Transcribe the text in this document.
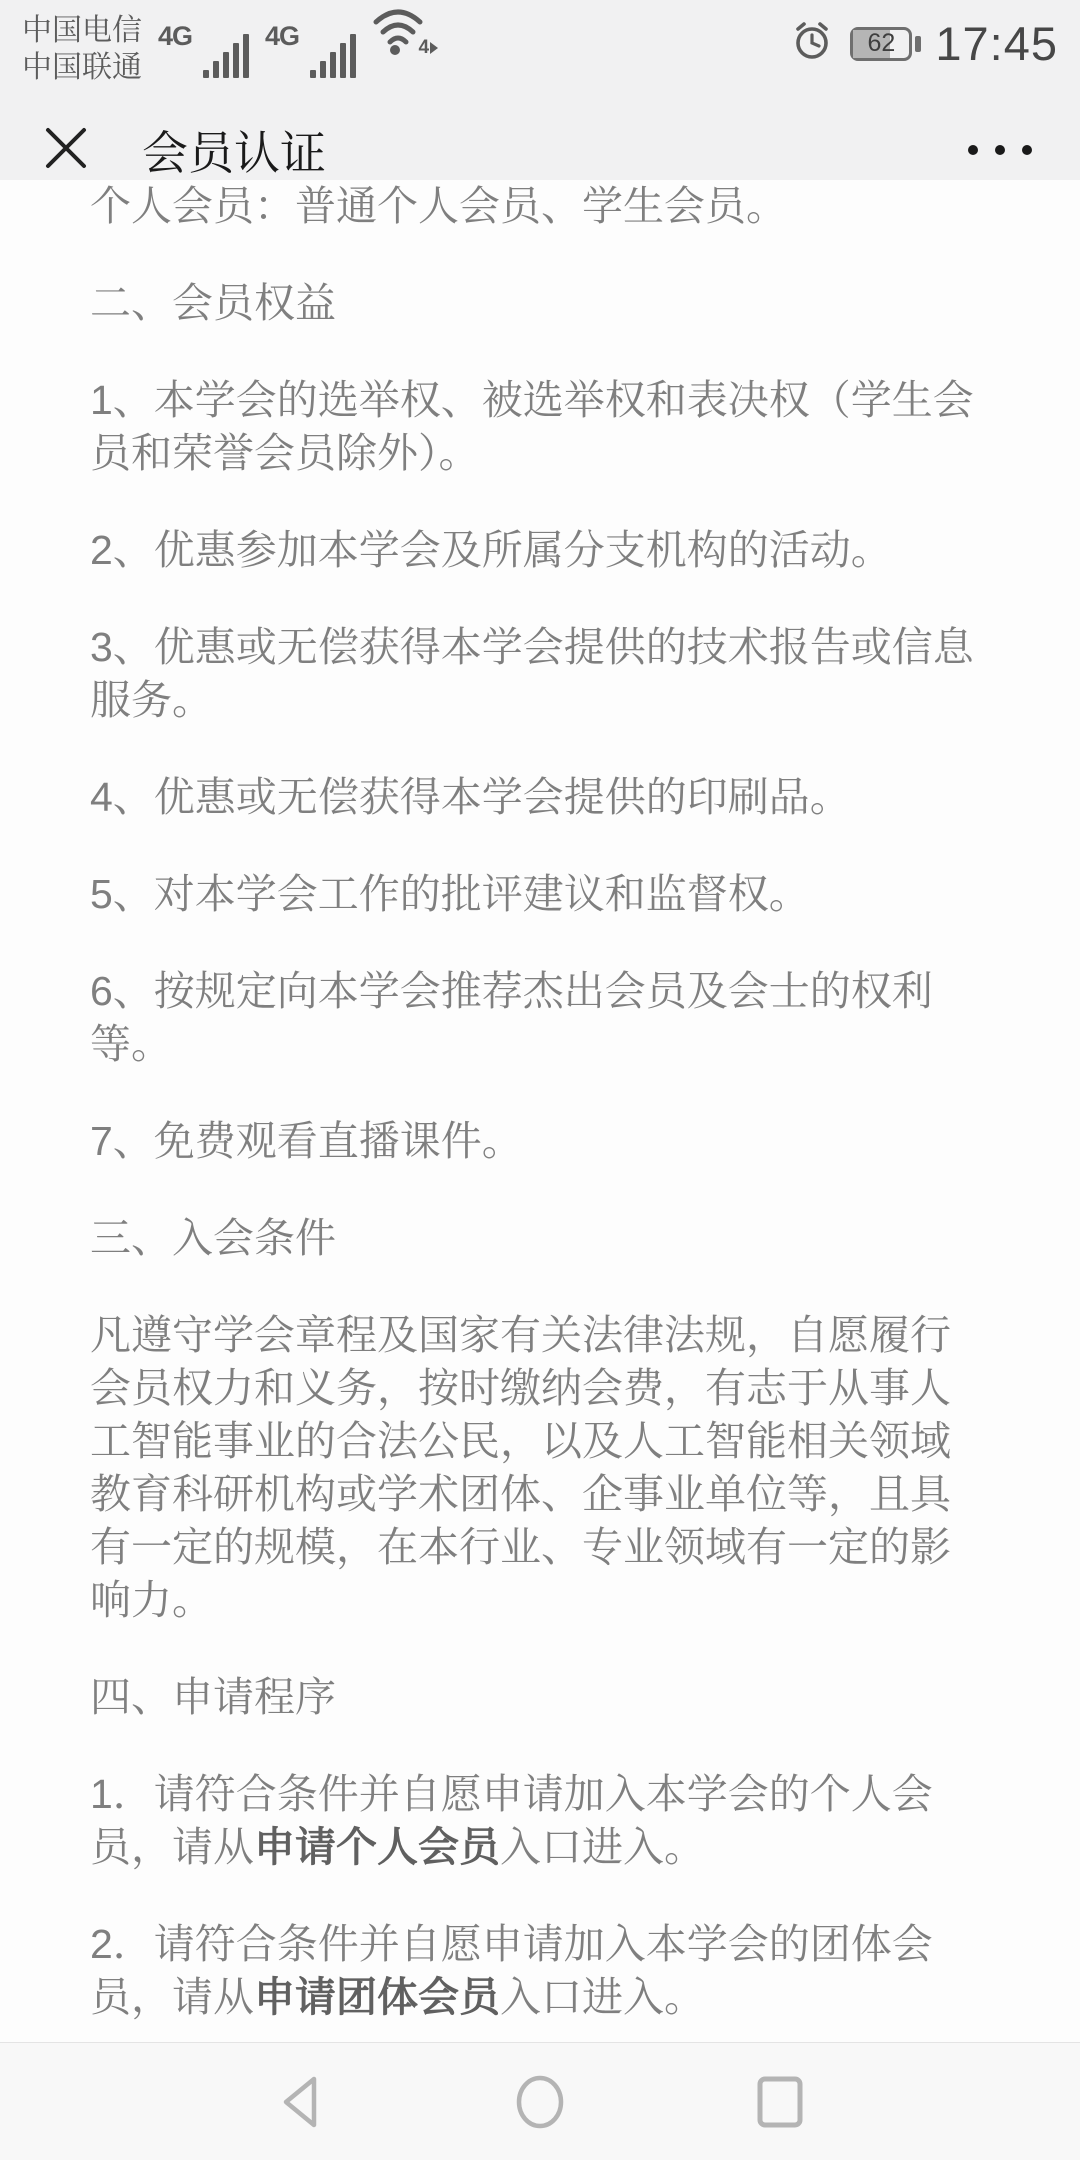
中国电信
中国联通
4G	4G	4	62 17:45
会员认证

个人会员：普通个人会员、学生会员。

二、会员权益

1、本学会的选举权、被选举权和表决权（学生会员和荣誉会员除外）。

2、优惠参加本学会及所属分支机构的活动。

3、优惠或无偿获得本学会提供的技术报告或信息服务。

4、优惠或无偿获得本学会提供的印刷品。

5、对本学会工作的批评建议和监督权。

6、按规定向本学会推荐杰出会员及会士的权利等。

7、免费观看直播课件。

三、入会条件

凡遵守学会章程及国家有关法律法规，自愿履行会员权力和义务，按时缴纳会费，有志于从事人工智能事业的合法公民，以及人工智能相关领域教育科研机构或学术团体、企事业单位等，且具有一定的规模，在本行业、专业领域有一定的影响力。

四、申请程序

1．请符合条件并自愿申请加入本学会的个人会员，请从申请个人会员入口进入。

2．请符合条件并自愿申请加入本学会的团体会员，请从申请团体会员入口进入。
